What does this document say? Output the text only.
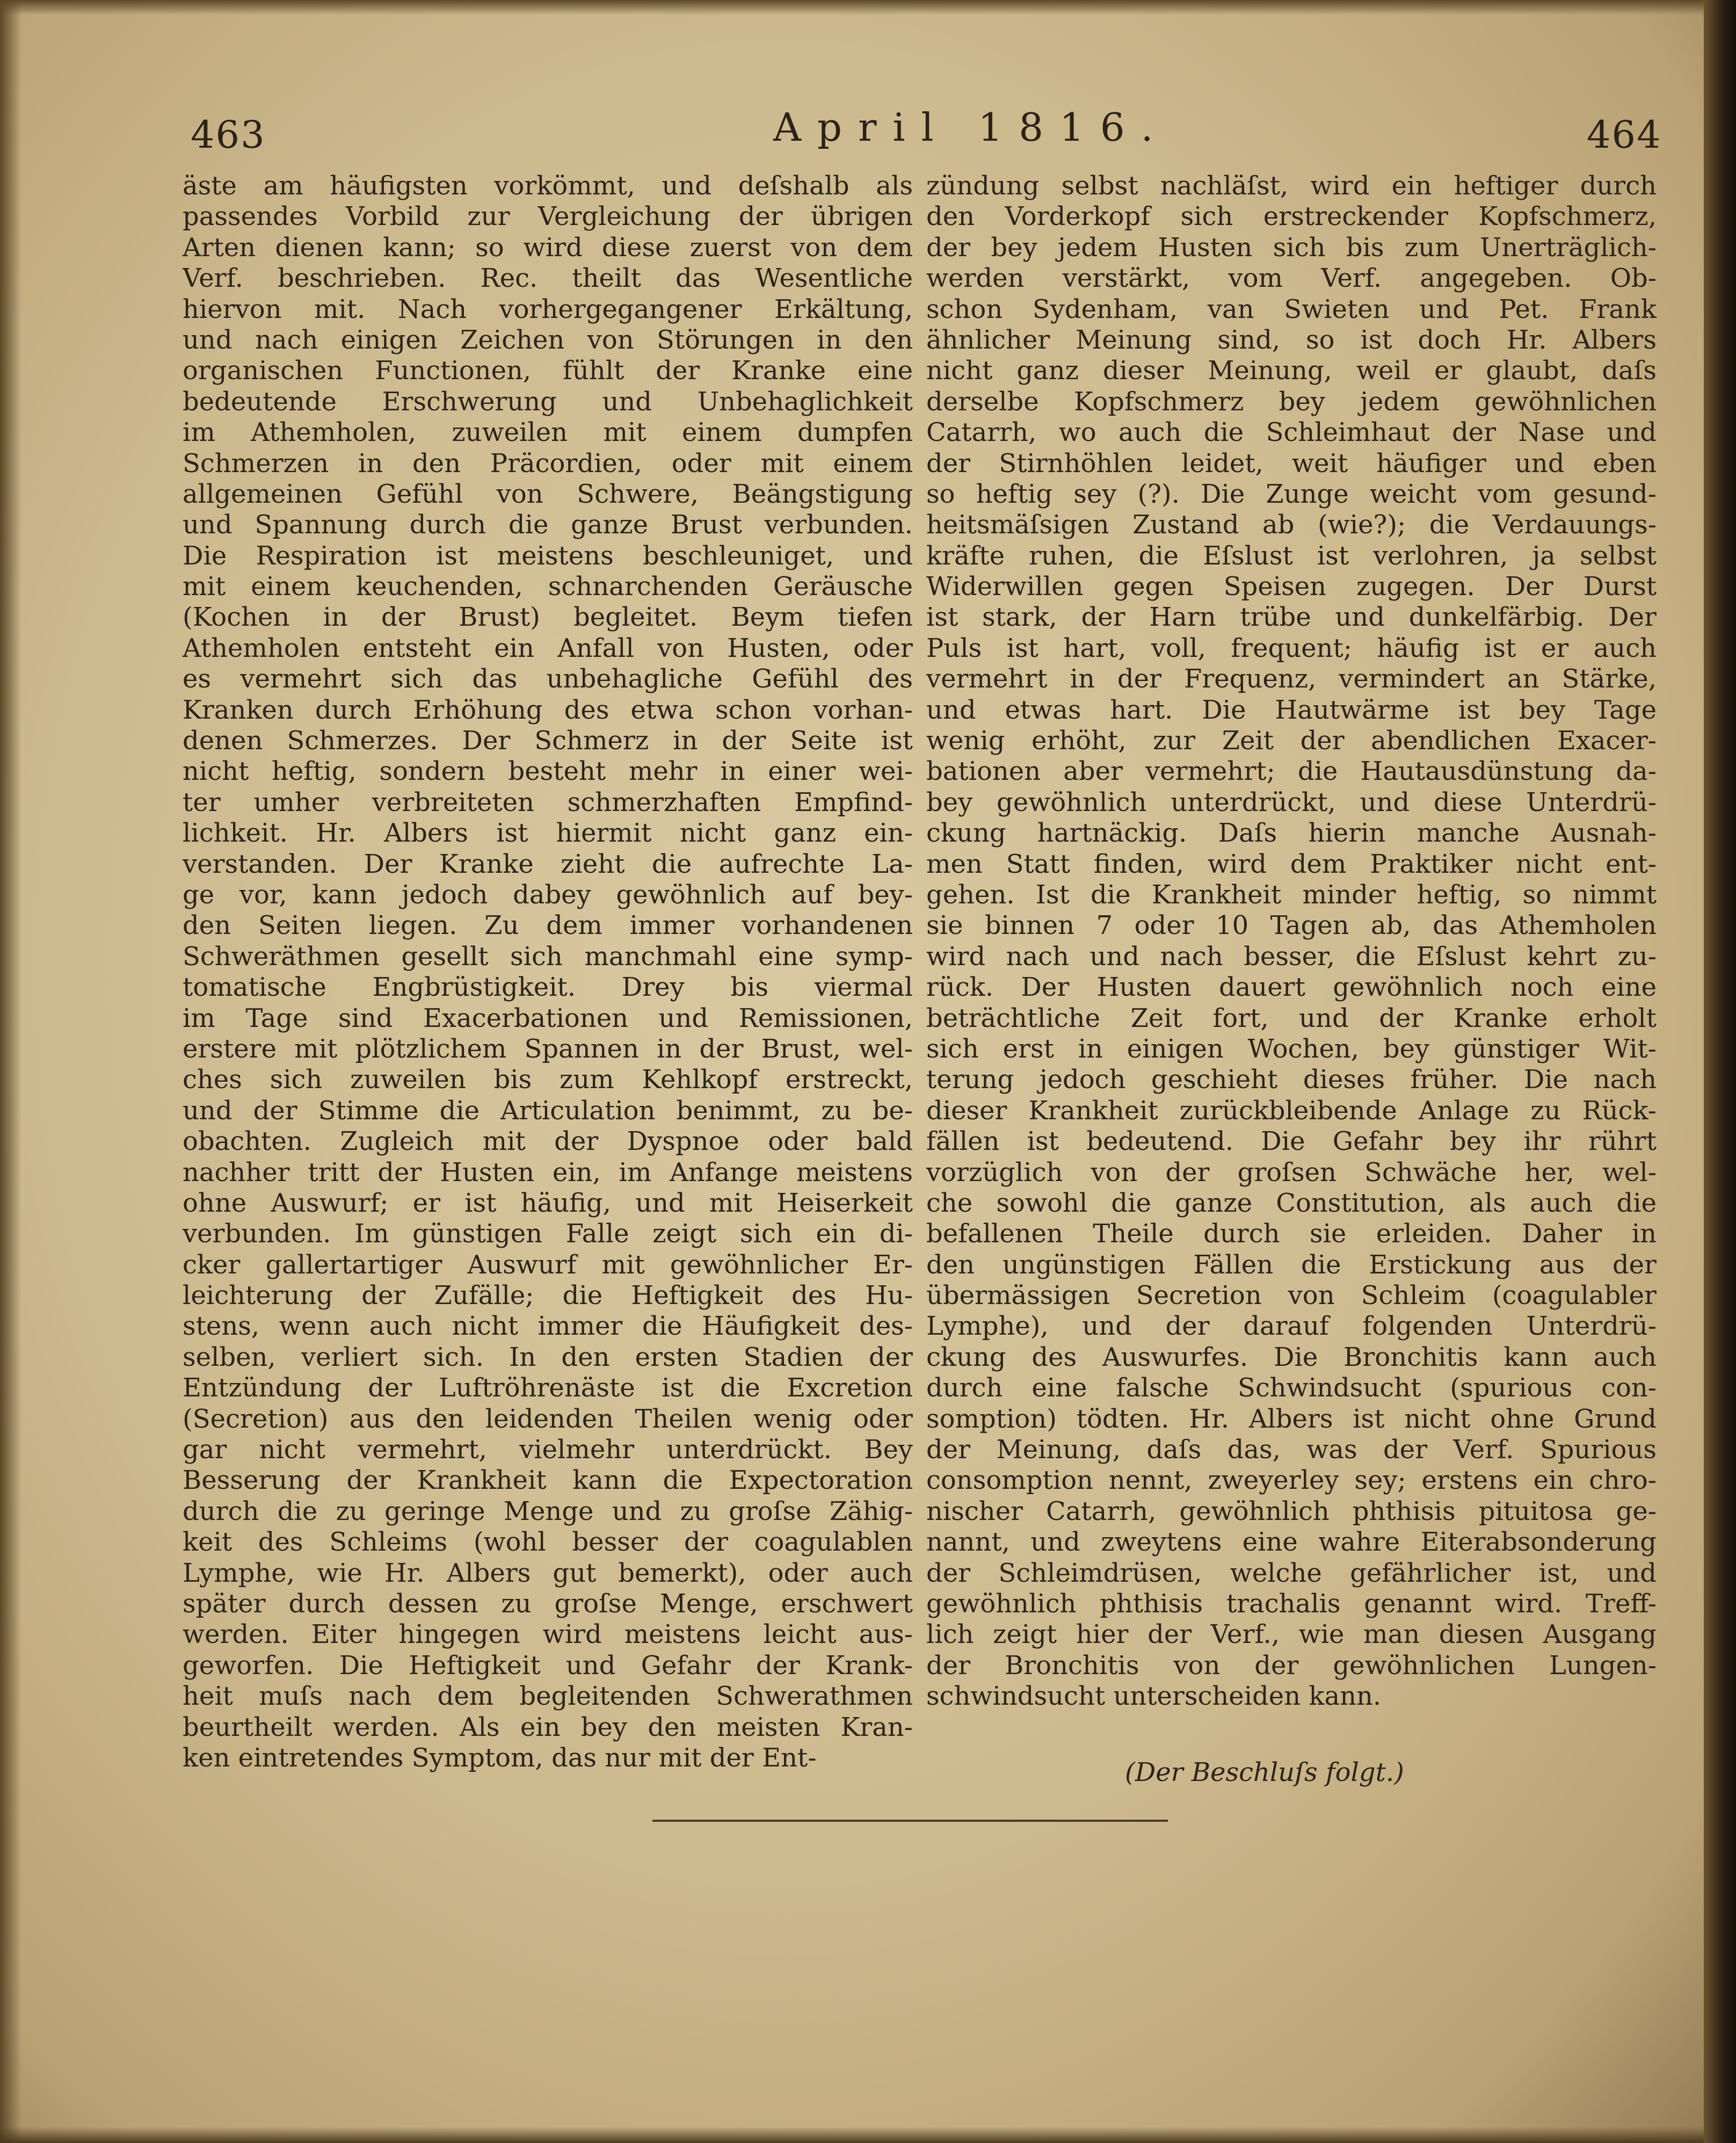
463	April 1816.	464
äste am häufigsten vorkömmt, und deſshalb als
passendes Vorbild zur Vergleichung der übrigen
Arten dienen kann; so wird diese zuerst von dem
Verf. beschrieben. Rec. theilt das Wesentliche
hiervon mit. Nach vorhergegangener Erkältung,
und nach einigen Zeichen von Störungen in den
organischen Functionen, fühlt der Kranke eine
bedeutende Erschwerung und Unbehaglichkeit
im Athemholen, zuweilen mit einem dumpfen
Schmerzen in den Präcordien, oder mit einem
allgemeinen Gefühl von Schwere, Beängstigung
und Spannung durch die ganze Brust verbunden.
Die Respiration ist meistens beschleuniget, und
mit einem keuchenden, schnarchenden Geräusche
(Kochen in der Brust) begleitet. Beym tiefen
Athemholen entsteht ein Anfall von Husten, oder
es vermehrt sich das unbehagliche Gefühl des
Kranken durch Erhöhung des etwa schon vorhan-
denen Schmerzes. Der Schmerz in der Seite ist
nicht heftig, sondern besteht mehr in einer wei-
ter umher verbreiteten schmerzhaften Empfind-
lichkeit. Hr. Albers ist hiermit nicht ganz ein-
verstanden. Der Kranke zieht die aufrechte La-
ge vor, kann jedoch dabey gewöhnlich auf bey-
den Seiten liegen. Zu dem immer vorhandenen
Schweräthmen gesellt sich manchmahl eine symp-
tomatische Engbrüstigkeit. Drey bis viermal
im Tage sind Exacerbationen und Remissionen,
erstere mit plötzlichem Spannen in der Brust, wel-
ches sich zuweilen bis zum Kehlkopf erstreckt,
und der Stimme die Articulation benimmt, zu be-
obachten. Zugleich mit der Dyspnoe oder bald
nachher tritt der Husten ein, im Anfange meistens
ohne Auswurf; er ist häufig, und mit Heiserkeit
verbunden. Im günstigen Falle zeigt sich ein di-
cker gallertartiger Auswurf mit gewöhnlicher Er-
leichterung der Zufälle; die Heftigkeit des Hu-
stens, wenn auch nicht immer die Häufigkeit des-
selben, verliert sich. In den ersten Stadien der
Entzündung der Luftröhrenäste ist die Excretion
(Secretion) aus den leidenden Theilen wenig oder
gar nicht vermehrt, vielmehr unterdrückt. Bey
Besserung der Krankheit kann die Expectoration
durch die zu geringe Menge und zu groſse Zähig-
keit des Schleims (wohl besser der coagulablen
Lymphe, wie Hr. Albers gut bemerkt), oder auch
später durch dessen zu groſse Menge, erschwert
werden. Eiter hingegen wird meistens leicht aus-
geworfen. Die Heftigkeit und Gefahr der Krank-
heit muſs nach dem begleitenden Schwerathmen
beurtheilt werden. Als ein bey den meisten Kran-
ken eintretendes Symptom, das nur mit der Ent-
zündung selbst nachläſst, wird ein heftiger durch
den Vorderkopf sich erstreckender Kopfschmerz,
der bey jedem Husten sich bis zum Unerträglich-
werden verstärkt, vom Verf. angegeben. Ob-
schon Sydenham, van Swieten und Pet. Frank
ähnlicher Meinung sind, so ist doch Hr. Albers
nicht ganz dieser Meinung, weil er glaubt, daſs
derselbe Kopfschmerz bey jedem gewöhnlichen
Catarrh, wo auch die Schleimhaut der Nase und
der Stirnhöhlen leidet, weit häufiger und eben
so heftig sey (?). Die Zunge weicht vom gesund-
heitsmäſsigen Zustand ab (wie?); die Verdauungs-
kräfte ruhen, die Eſslust ist verlohren, ja selbst
Widerwillen gegen Speisen zugegen. Der Durst
ist stark, der Harn trübe und dunkelfärbig. Der
Puls ist hart, voll, frequent; häufig ist er auch
vermehrt in der Frequenz, vermindert an Stärke,
und etwas hart. Die Hautwärme ist bey Tage
wenig erhöht, zur Zeit der abendlichen Exacer-
bationen aber vermehrt; die Hautausdünstung da-
bey gewöhnlich unterdrückt, und diese Unterdrü-
ckung hartnäckig. Daſs hierin manche Ausnah-
men Statt finden, wird dem Praktiker nicht ent-
gehen. Ist die Krankheit minder heftig, so nimmt
sie binnen 7 oder 10 Tagen ab, das Athemholen
wird nach und nach besser, die Eſslust kehrt zu-
rück. Der Husten dauert gewöhnlich noch eine
beträchtliche Zeit fort, und der Kranke erholt
sich erst in einigen Wochen, bey günstiger Wit-
terung jedoch geschieht dieses früher. Die nach
dieser Krankheit zurückbleibende Anlage zu Rück-
fällen ist bedeutend. Die Gefahr bey ihr rührt
vorzüglich von der groſsen Schwäche her, wel-
che sowohl die ganze Constitution, als auch die
befallenen Theile durch sie erleiden. Daher in
den ungünstigen Fällen die Erstickung aus der
übermässigen Secretion von Schleim (coagulabler
Lymphe), und der darauf folgenden Unterdrü-
ckung des Auswurfes. Die Bronchitis kann auch
durch eine falsche Schwindsucht (spurious con-
somption) tödten. Hr. Albers ist nicht ohne Grund
der Meinung, daſs das, was der Verf. Spurious
consomption nennt, zweyerley sey; erstens ein chro-
nischer Catarrh, gewöhnlich phthisis pituitosa ge-
nannt, und zweytens eine wahre Eiterabsonderung
der Schleimdrüsen, welche gefährlicher ist, und
gewöhnlich phthisis trachalis genannt wird. Treff-
lich zeigt hier der Verf., wie man diesen Ausgang
der Bronchitis von der gewöhnlichen Lungen-
schwindsucht unterscheiden kann.
(Der Beschluſs folgt.)
